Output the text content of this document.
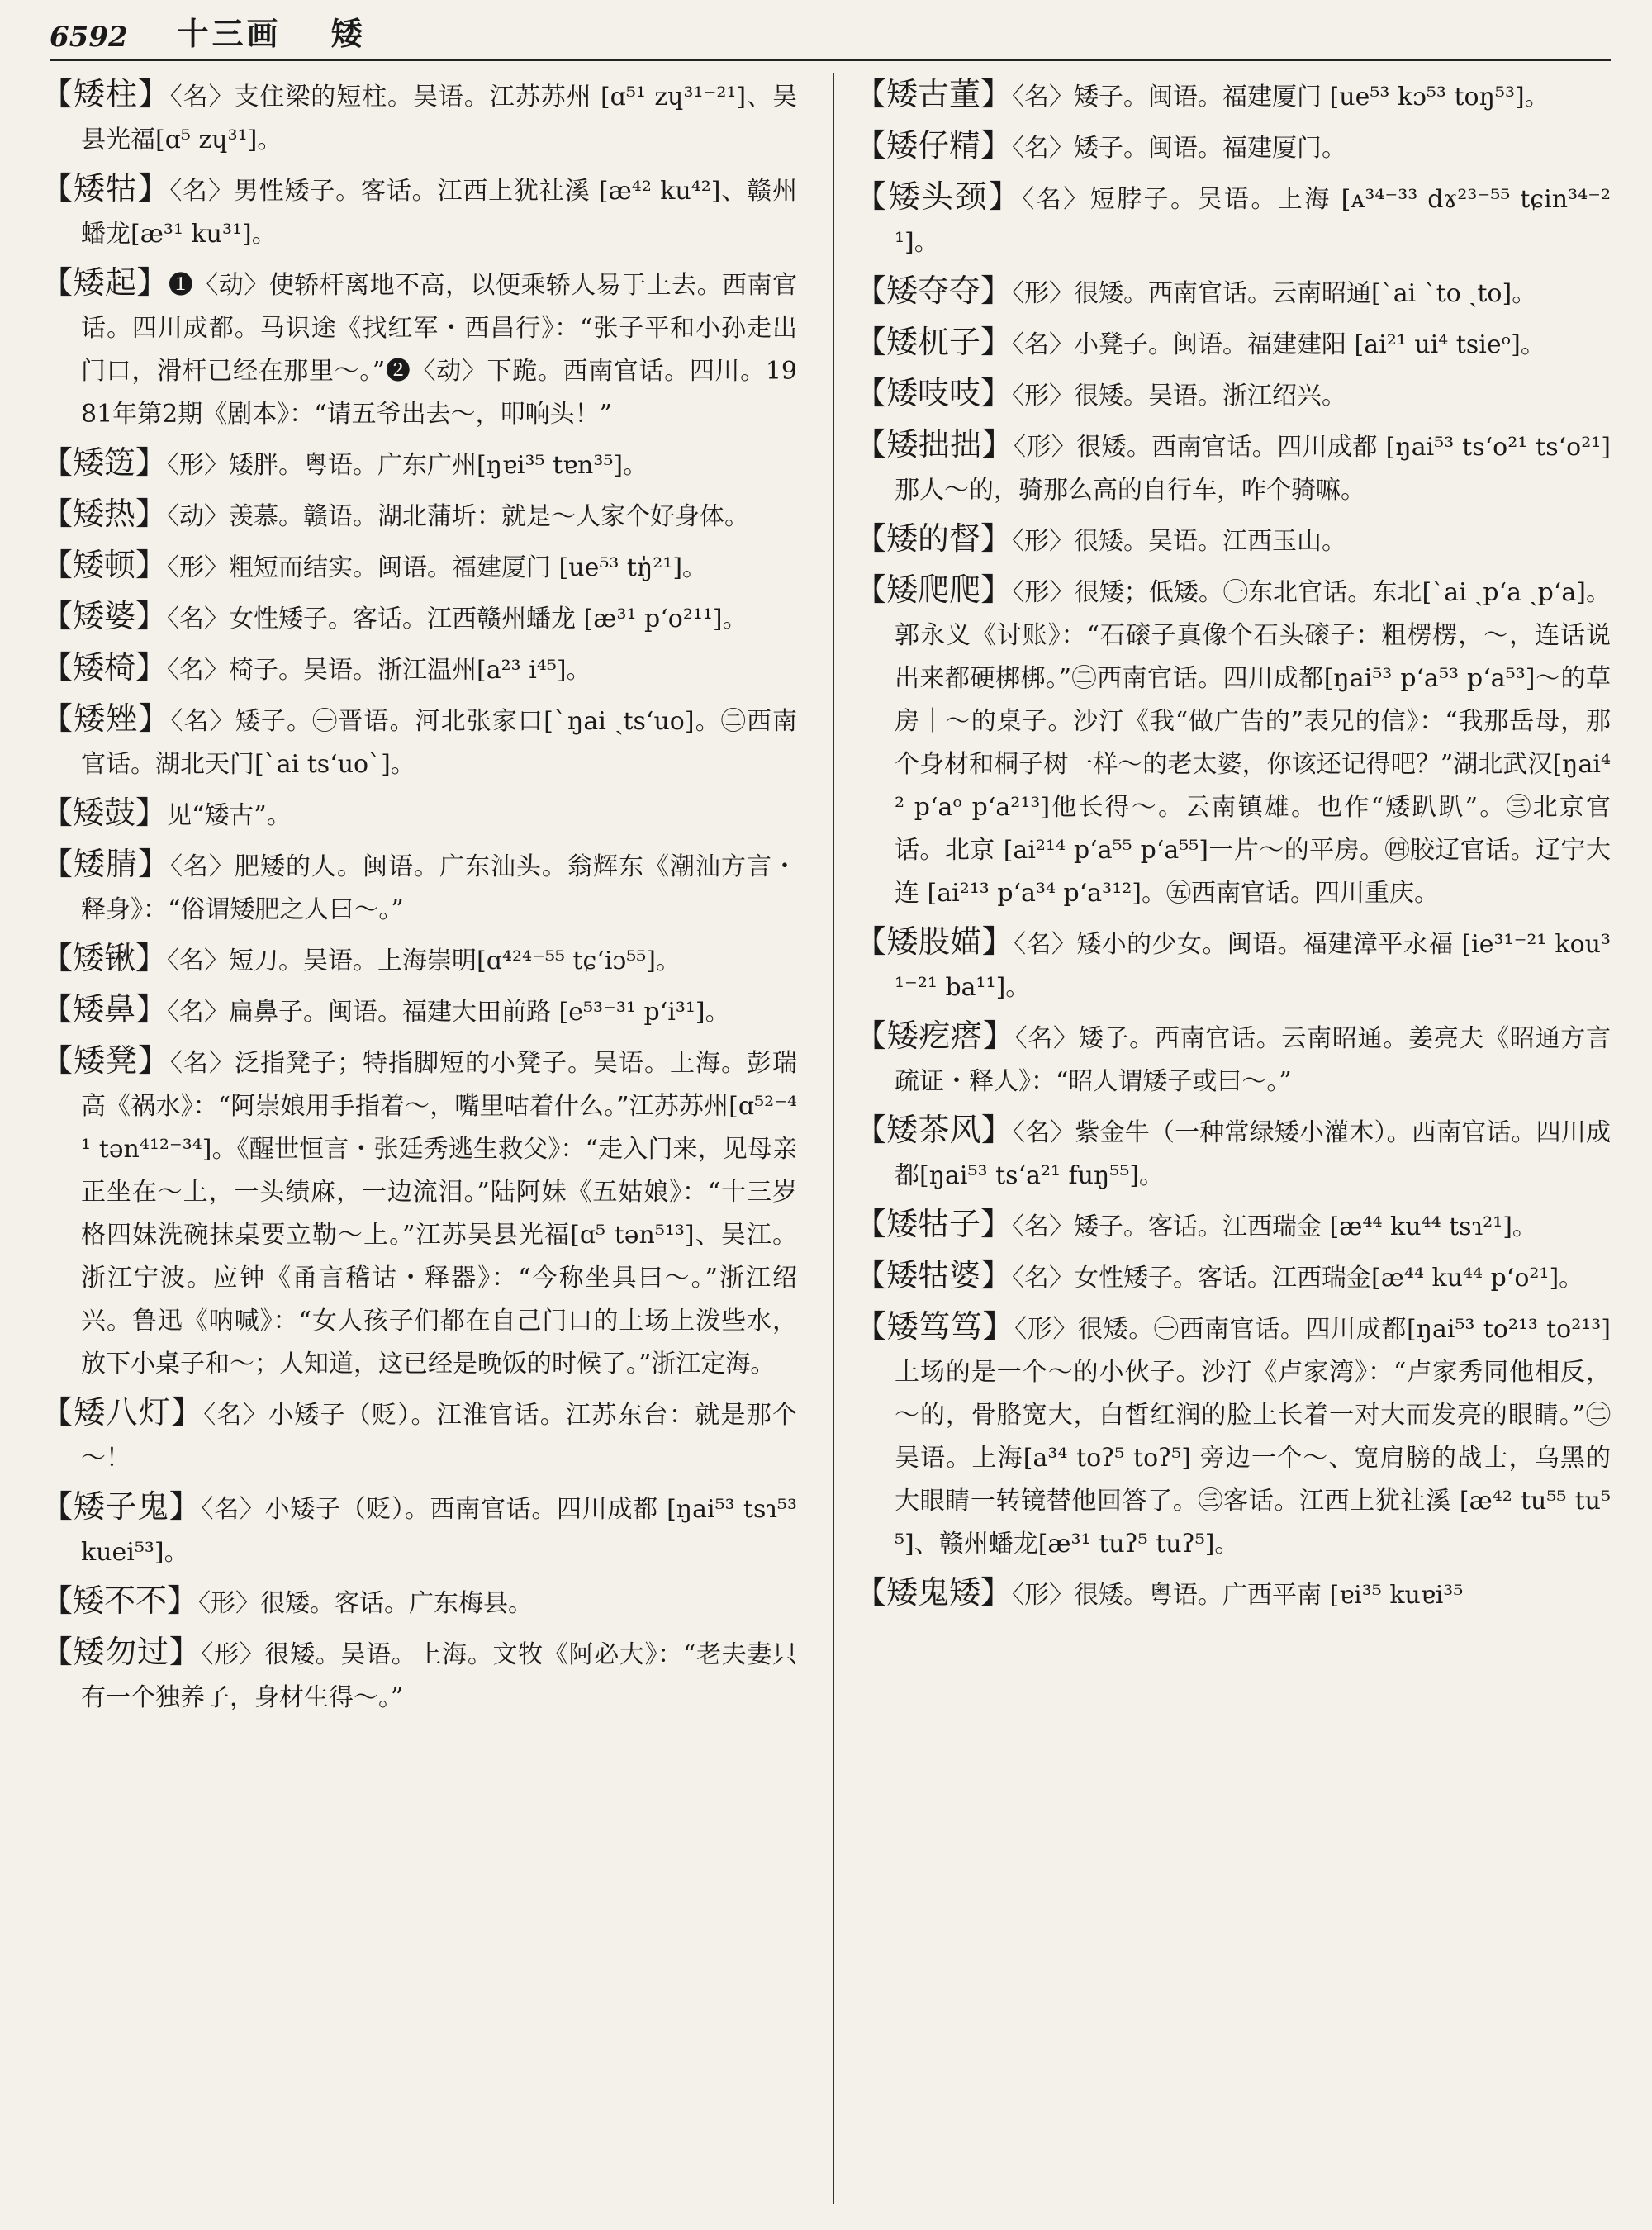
6592 十三画 矮

【矮柱】〈名〉支住梁的短柱。吴语。江苏苏州 [ɑ⁵¹ zɥ³¹⁻²¹]、吴县光福[ɑ⁵ zɥ³¹]。

【矮牯】〈名〉男性矮子。客话。江西上犹社溪 [æ⁴² ku⁴²]、赣州蟠龙[æ³¹ ku³¹]。

【矮起】❶〈动〉使轿杆离地不高，以便乘轿人易于上去。西南官话。四川成都。马识途《找红军・西昌行》：“张子平和小孙走出门口，滑杆已经在那里～。”❷〈动〉下跪。西南官话。四川。1981年第2期《剧本》：“请五爷出去～，叩响头！”

【矮笾】〈形〉矮胖。粤语。广东广州[ŋɐi³⁵ tɐn³⁵]。

【矮热】〈动〉羡慕。赣语。湖北蒲圻：就是～人家个好身体。

【矮顿】〈形〉粗短而结实。闽语。福建厦门 [ue⁵³ tŋ̍²¹]。

【矮婆】〈名〉女性矮子。客话。江西赣州蟠龙 [æ³¹ p‘o²¹¹]。

【矮椅】〈名〉椅子。吴语。浙江温州[a²³ i⁴⁵]。

【矮矬】〈名〉矮子。㊀晋语。河北张家口[ˋŋai ˏts‘uo]。㊁西南官话。湖北天门[ˋai ts‘uoˋ]。

【矮鼓】见“矮古”。

【矮腈】〈名〉肥矮的人。闽语。广东汕头。翁辉东《潮汕方言・释身》：“俗谓矮肥之人曰～。”

【矮锹】〈名〉短刀。吴语。上海崇明[ɑ⁴²⁴⁻⁵⁵ tɕ‘iɔ⁵⁵]。

【矮鼻】〈名〉扁鼻子。闽语。福建大田前路 [e⁵³⁻³¹ p‘i³¹]。

【矮凳】〈名〉泛指凳子；特指脚短的小凳子。吴语。上海。彭瑞高《祸水》：“阿崇娘用手指着～，嘴里咕着什么。”江苏苏州[ɑ⁵²⁻⁴¹ tən⁴¹²⁻³⁴]。《醒世恒言・张廷秀逃生救父》：“走入门来，见母亲正坐在～上，一头绩麻，一边流泪。”陆阿妹《五姑娘》：“十三岁格四妹洗碗抹桌要立勒～上。”江苏吴县光福[ɑ⁵ tən⁵¹³]、吴江。浙江宁波。应钟《甬言稽诂・释器》：“今称坐具曰～。”浙江绍兴。鲁迅《呐喊》：“女人孩子们都在自己门口的土场上泼些水，放下小桌子和～；人知道，这已经是晚饭的时候了。”浙江定海。

【矮八灯】〈名〉小矮子（贬）。江淮官话。江苏东台：就是那个～！

【矮子鬼】〈名〉小矮子（贬）。西南官话。四川成都 [ŋai⁵³ tsɿ⁵³ kuei⁵³]。

【矮不不】〈形〉很矮。客话。广东梅县。

【矮勿过】〈形〉很矮。吴语。上海。文牧《阿必大》：“老夫妻只有一个独养子，身材生得～。”

【矮古董】〈名〉矮子。闽语。福建厦门 [ue⁵³ kɔ⁵³ toŋ⁵³]。

【矮仔精】〈名〉矮子。闽语。福建厦门。

【矮头颈】〈名〉短脖子。吴语。上海 [ᴀ³⁴⁻³³ dɤ²³⁻⁵⁵ tɕin³⁴⁻²¹]。

【矮夺夺】〈形〉很矮。西南官话。云南昭通[ˋai ˋto ˏto]。

【矮杌子】〈名〉小凳子。闽语。福建建阳 [ai²¹ ui⁴ tsieᵒ]。

【矮吱吱】〈形〉很矮。吴语。浙江绍兴。

【矮拙拙】〈形〉很矮。西南官话。四川成都 [ŋai⁵³ ts‘o²¹ ts‘o²¹]那人～的，骑那么高的自行车，咋个骑嘛。

【矮的督】〈形〉很矮。吴语。江西玉山。

【矮爬爬】〈形〉很矮；低矮。㊀东北官话。东北[ˋai ˏp‘a ˏp‘a]。郭永义《讨账》：“石磙子真像个石头磙子：粗楞楞，～，连话说出来都硬梆梆。”㊁西南官话。四川成都[ŋai⁵³ p‘a⁵³ p‘a⁵³]～的草房｜～的桌子。沙汀《我“做广告的”表兄的信》：“我那岳母，那个身材和桐子树一样～的老太婆，你该还记得吧？”湖北武汉[ŋai⁴² p‘aᵒ p‘a²¹³]他长得～。云南镇雄。也作“矮趴趴”。㊂北京官话。北京 [ai²¹⁴ p‘a⁵⁵ p‘a⁵⁵]一片～的平房。㊃胶辽官话。辽宁大连 [ai²¹³ p‘a³⁴ p‘a³¹²]。㊄西南官话。四川重庆。

【矮股媌】〈名〉矮小的少女。闽语。福建漳平永福 [ie³¹⁻²¹ kou³¹⁻²¹ ba¹¹]。

【矮疙瘩】〈名〉矮子。西南官话。云南昭通。姜亮夫《昭通方言疏证・释人》：“昭人谓矮子或曰～。”

【矮茶风】〈名〉紫金牛（一种常绿矮小灌木）。西南官话。四川成都[ŋai⁵³ ts‘a²¹ fuŋ⁵⁵]。

【矮牯子】〈名〉矮子。客话。江西瑞金 [æ⁴⁴ ku⁴⁴ tsɿ²¹]。

【矮牯婆】〈名〉女性矮子。客话。江西瑞金[æ⁴⁴ ku⁴⁴ p‘o²¹]。

【矮笃笃】〈形〉很矮。㊀西南官话。四川成都[ŋai⁵³ to²¹³ to²¹³] 上场的是一个～的小伙子。沙汀《卢家湾》：“卢家秀同他相反，～的，骨胳宽大，白皙红润的脸上长着一对大而发亮的眼睛。”㊁吴语。上海[a³⁴ toʔ⁵ toʔ⁵] 旁边一个～、宽肩膀的战士，乌黑的大眼睛一转镜替他回答了。㊂客话。江西上犹社溪 [æ⁴² tu⁵⁵ tu⁵⁵]、赣州蟠龙[æ³¹ tuʔ⁵ tuʔ⁵]。

【矮鬼矮】〈形〉很矮。粤语。广西平南 [ɐi³⁵ kuɐi³⁵
